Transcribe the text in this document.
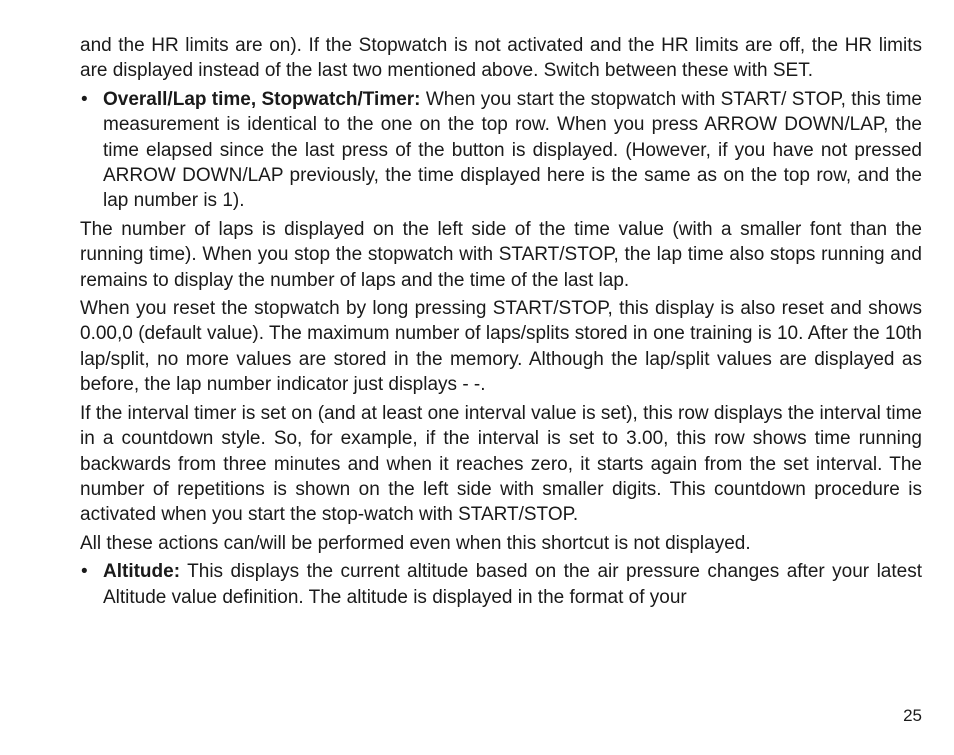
and the HR limits are on). If the Stopwatch is not activated and the HR limits are off, the HR limits are displayed instead of the last two mentioned above. Switch between these with SET.

• Overall/Lap time, Stopwatch/Timer: When you start the stopwatch with START/ STOP, this time measurement is identical to the one on the top row. When you press ARROW DOWN/LAP, the time elapsed since the last press of the button is displayed. (However, if you have not pressed ARROW DOWN/LAP previously, the time displayed here is the same as on the top row, and the lap number is 1).

The number of laps is displayed on the left side of the time value (with a smaller font than the running time). When you stop the stopwatch with START/STOP, the lap time also stops running and remains to display the number of laps and the time of the last lap.

When you reset the stopwatch by long pressing START/STOP, this display is also reset and shows 0.00,0 (default value). The maximum number of laps/splits stored in one training is 10. After the 10th lap/split, no more values are stored in the memory. Although the lap/split values are displayed as before, the lap number indicator just displays - -.

If the interval timer is set on (and at least one interval value is set), this row displays the interval time in a countdown style. So, for example, if the interval is set to 3.00, this row shows time running backwards from three minutes and when it reaches zero, it starts again from the set interval. The number of repetitions is shown on the left side with smaller digits. This countdown procedure is activated when you start the stop-watch with START/STOP.

All these actions can/will be performed even when this shortcut is not displayed.

• Altitude: This displays the current altitude based on the air pressure changes after your latest Altitude value definition. The altitude is displayed in the format of your
25
